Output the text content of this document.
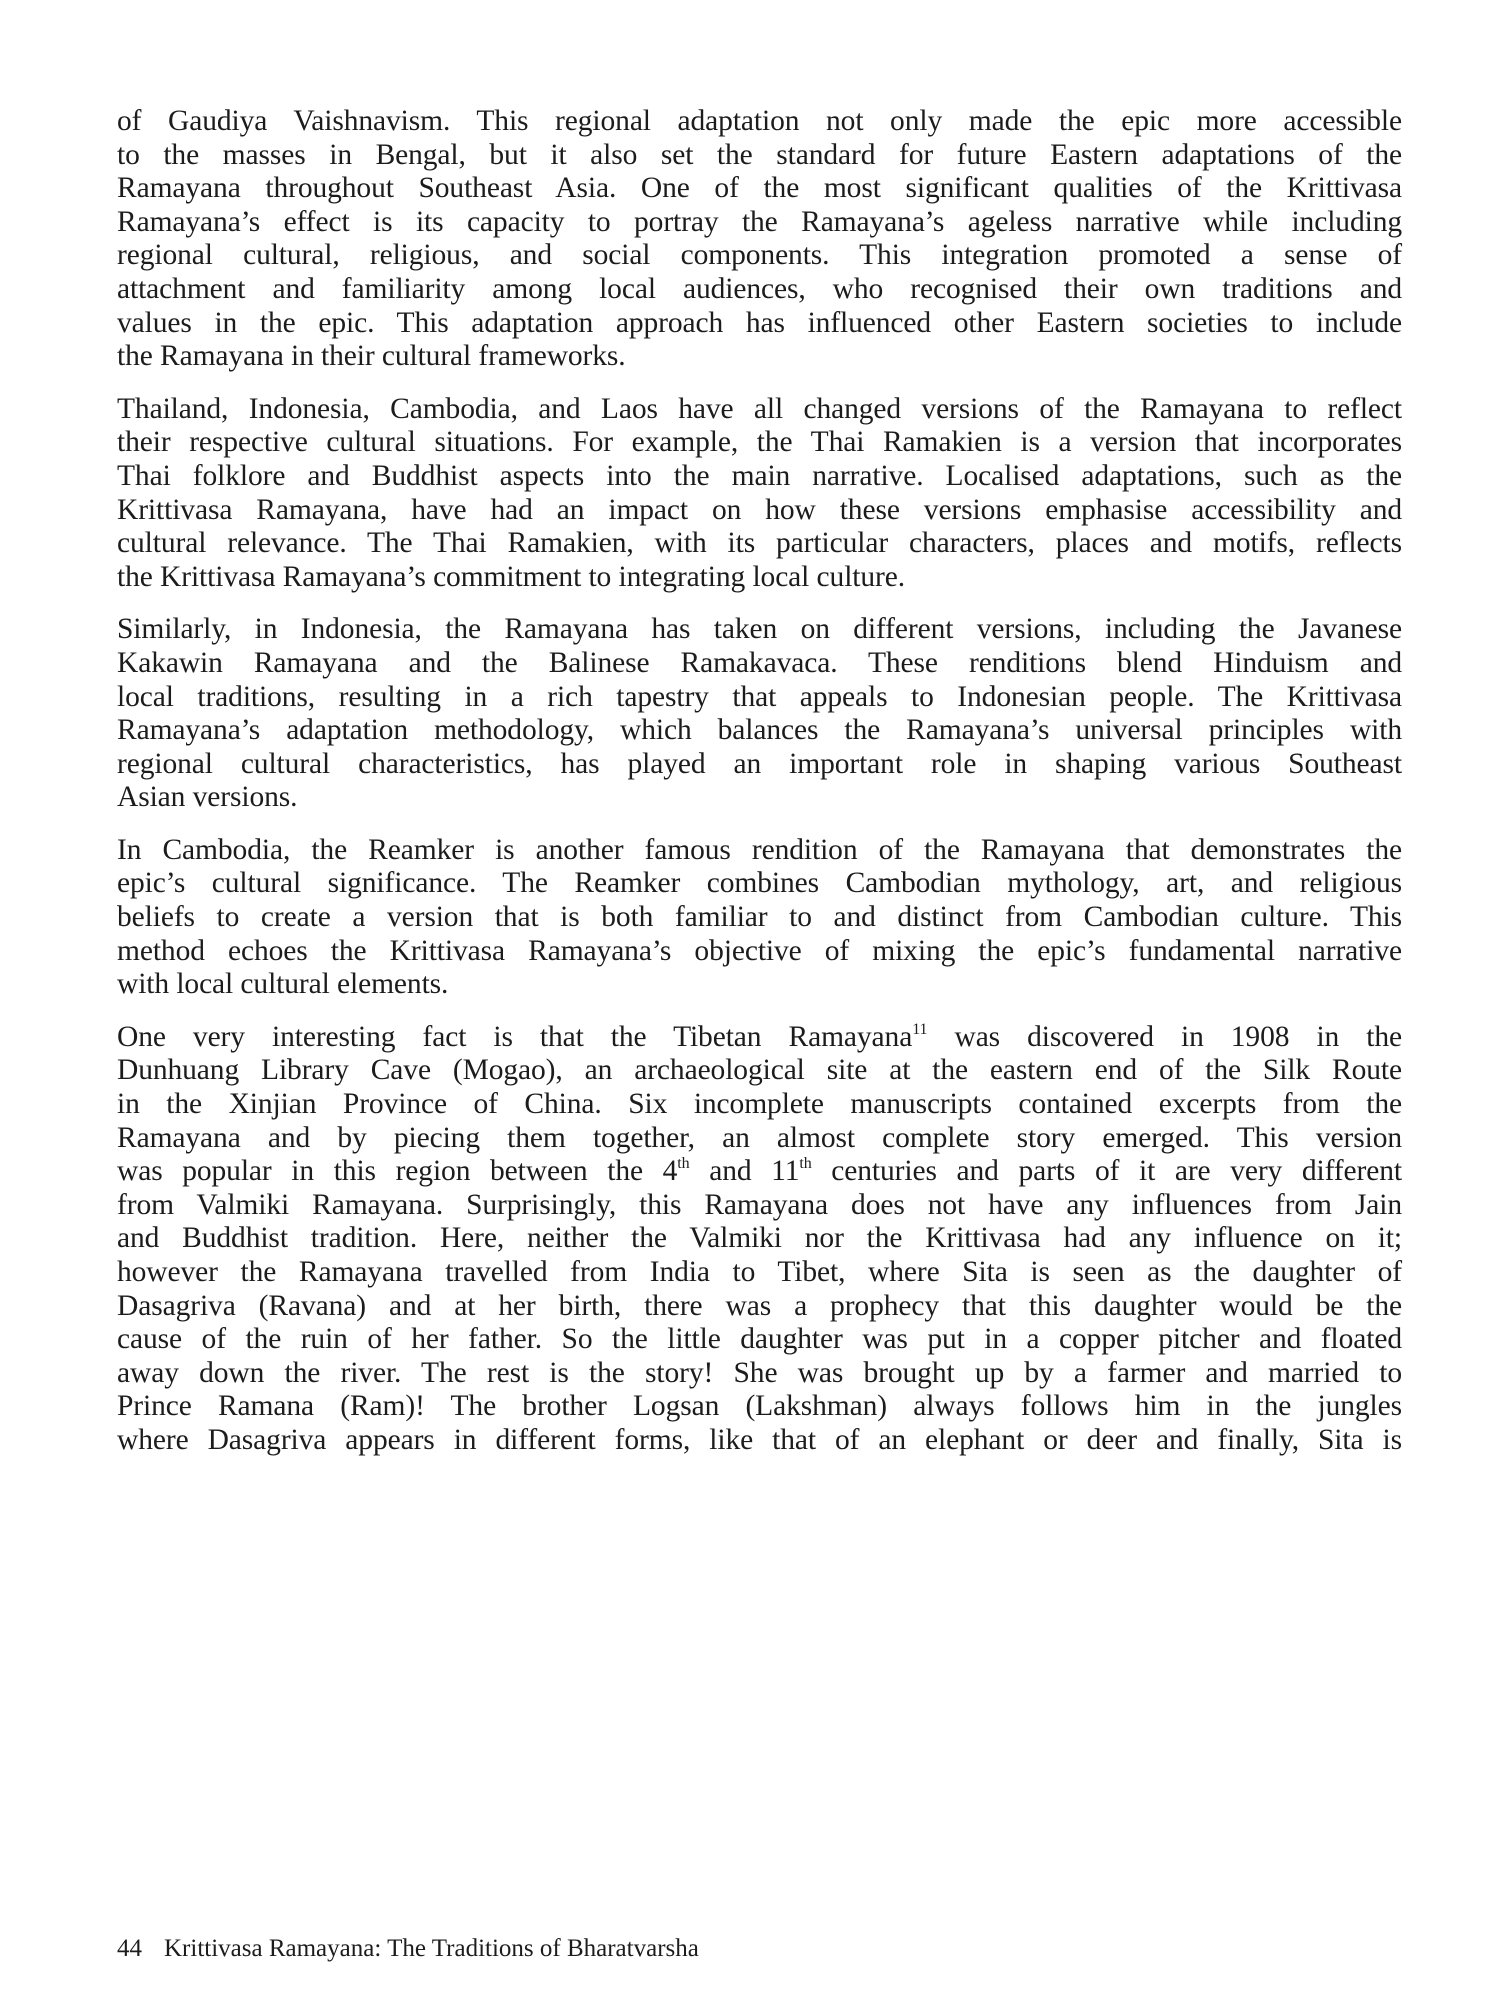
of Gaudiya Vaishnavism. This regional adaptation not only made the epic more accessible
to the masses in Bengal, but it also set the standard for future Eastern adaptations of the
Ramayana throughout Southeast Asia. One of the most significant qualities of the Krittivasa
Ramayana’s effect is its capacity to portray the Ramayana’s ageless narrative while including
regional cultural, religious, and social components. This integration promoted a sense of
attachment and familiarity among local audiences, who recognised their own traditions and
values in the epic. This adaptation approach has influenced other Eastern societies to include
the Ramayana in their cultural frameworks.

Thailand, Indonesia, Cambodia, and Laos have all changed versions of the Ramayana to reflect
their respective cultural situations. For example, the Thai Ramakien is a version that incorporates
Thai folklore and Buddhist aspects into the main narrative. Localised adaptations, such as the
Krittivasa Ramayana, have had an impact on how these versions emphasise accessibility and
cultural relevance. The Thai Ramakien, with its particular characters, places and motifs, reflects
the Krittivasa Ramayana’s commitment to integrating local culture.

Similarly, in Indonesia, the Ramayana has taken on different versions, including the Javanese
Kakawin Ramayana and the Balinese Ramakavaca. These renditions blend Hinduism and
local traditions, resulting in a rich tapestry that appeals to Indonesian people. The Krittivasa
Ramayana’s adaptation methodology, which balances the Ramayana’s universal principles with
regional cultural characteristics, has played an important role in shaping various Southeast
Asian versions.

In Cambodia, the Reamker is another famous rendition of the Ramayana that demonstrates the
epic’s cultural significance. The Reamker combines Cambodian mythology, art, and religious
beliefs to create a version that is both familiar to and distinct from Cambodian culture. This
method echoes the Krittivasa Ramayana’s objective of mixing the epic’s fundamental narrative
with local cultural elements.

One very interesting fact is that the Tibetan Ramayana$^{11}$ was discovered in 1908 in the
Dunhuang Library Cave (Mogao), an archaeological site at the eastern end of the Silk Route
in the Xinjian Province of China. Six incomplete manuscripts contained excerpts from the
Ramayana and by piecing them together, an almost complete story emerged. This version
was popular in this region between the 4th and 11th centuries and parts of it are very different
from Valmiki Ramayana. Surprisingly, this Ramayana does not have any influences from Jain
and Buddhist tradition. Here, neither the Valmiki nor the Krittivasa had any influence on it;
however the Ramayana travelled from India to Tibet, where Sita is seen as the daughter of
Dasagriva (Ravana) and at her birth, there was a prophecy that this daughter would be the
cause of the ruin of her father. So the little daughter was put in a copper pitcher and floated
away down the river. The rest is the story! She was brought up by a farmer and married to
Prince Ramana (Ram)! The brother Logsan (Lakshman) always follows him in the jungles
where Dasagriva appears in different forms, like that of an elephant or deer and finally, Sita is

44 Krittivasa Ramayana: The Traditions of Bharatvarsha
